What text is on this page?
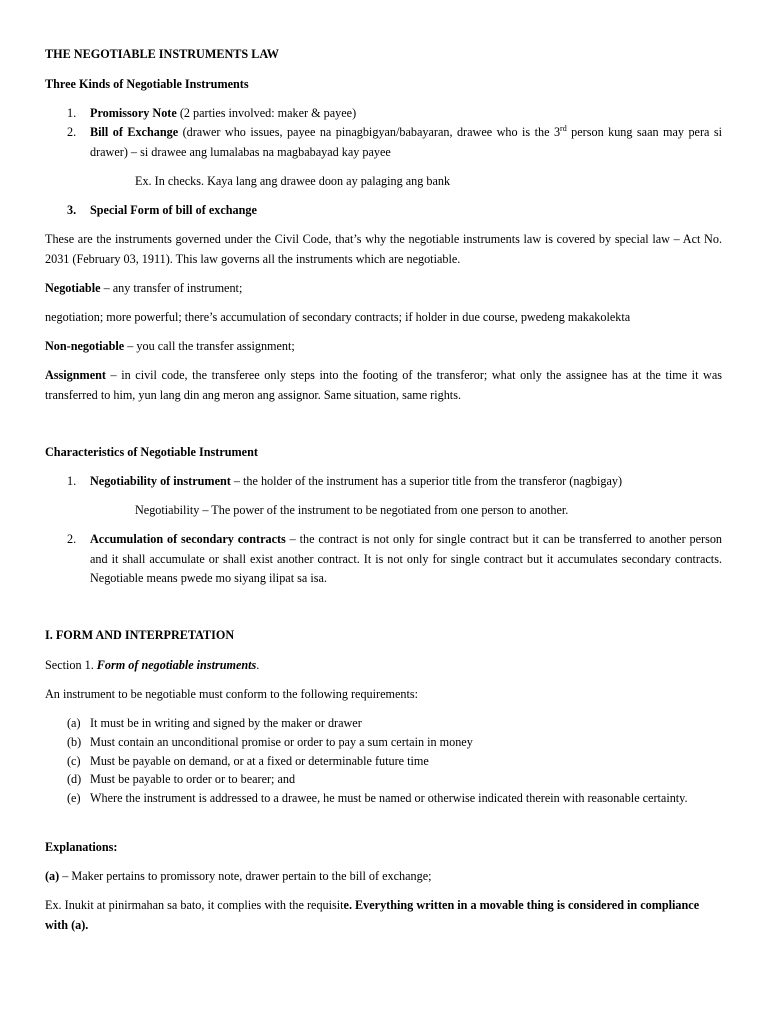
THE NEGOTIABLE INSTRUMENTS LAW
Three Kinds of Negotiable Instruments
1. Promissory Note (2 parties involved: maker & payee)
2. Bill of Exchange (drawer who issues, payee na pinagbigyan/babayaran, drawee who is the 3rd person kung saan may pera si drawer) – si drawee ang lumalabas na magbabayad kay payee
Ex. In checks. Kaya lang ang drawee doon ay palaging ang bank
3. Special Form of bill of exchange
These are the instruments governed under the Civil Code, that’s why the negotiable instruments law is covered by special law – Act No. 2031 (February 03, 1911). This law governs all the instruments which are negotiable.
Negotiable – any transfer of instrument;
negotiation; more powerful; there’s accumulation of secondary contracts; if holder in due course, pwedeng makakolekta
Non-negotiable – you call the transfer assignment;
Assignment – in civil code, the transferee only steps into the footing of the transferor; what only the assignee has at the time it was transferred to him, yun lang din ang meron ang assignor. Same situation, same rights.
Characteristics of Negotiable Instrument
1. Negotiability of instrument – the holder of the instrument has a superior title from the transferor (nagbigay)
Negotiability – The power of the instrument to be negotiated from one person to another.
2. Accumulation of secondary contracts – the contract is not only for single contract but it can be transferred to another person and it shall accumulate or shall exist another contract. It is not only for single contract but it accumulates secondary contracts. Negotiable means pwede mo siyang ilipat sa isa.
I. FORM AND INTERPRETATION
Section 1. Form of negotiable instruments.
An instrument to be negotiable must conform to the following requirements:
(a) It must be in writing and signed by the maker or drawer
(b) Must contain an unconditional promise or order to pay a sum certain in money
(c) Must be payable on demand, or at a fixed or determinable future time
(d) Must be payable to order or to bearer; and
(e) Where the instrument is addressed to a drawee, he must be named or otherwise indicated therein with reasonable certainty.
Explanations:
(a) – Maker pertains to promissory note, drawer pertain to the bill of exchange;
Ex. Inukit at pinirmahan sa bato, it complies with the requisite. Everything written in a movable thing is considered in compliance with (a).
